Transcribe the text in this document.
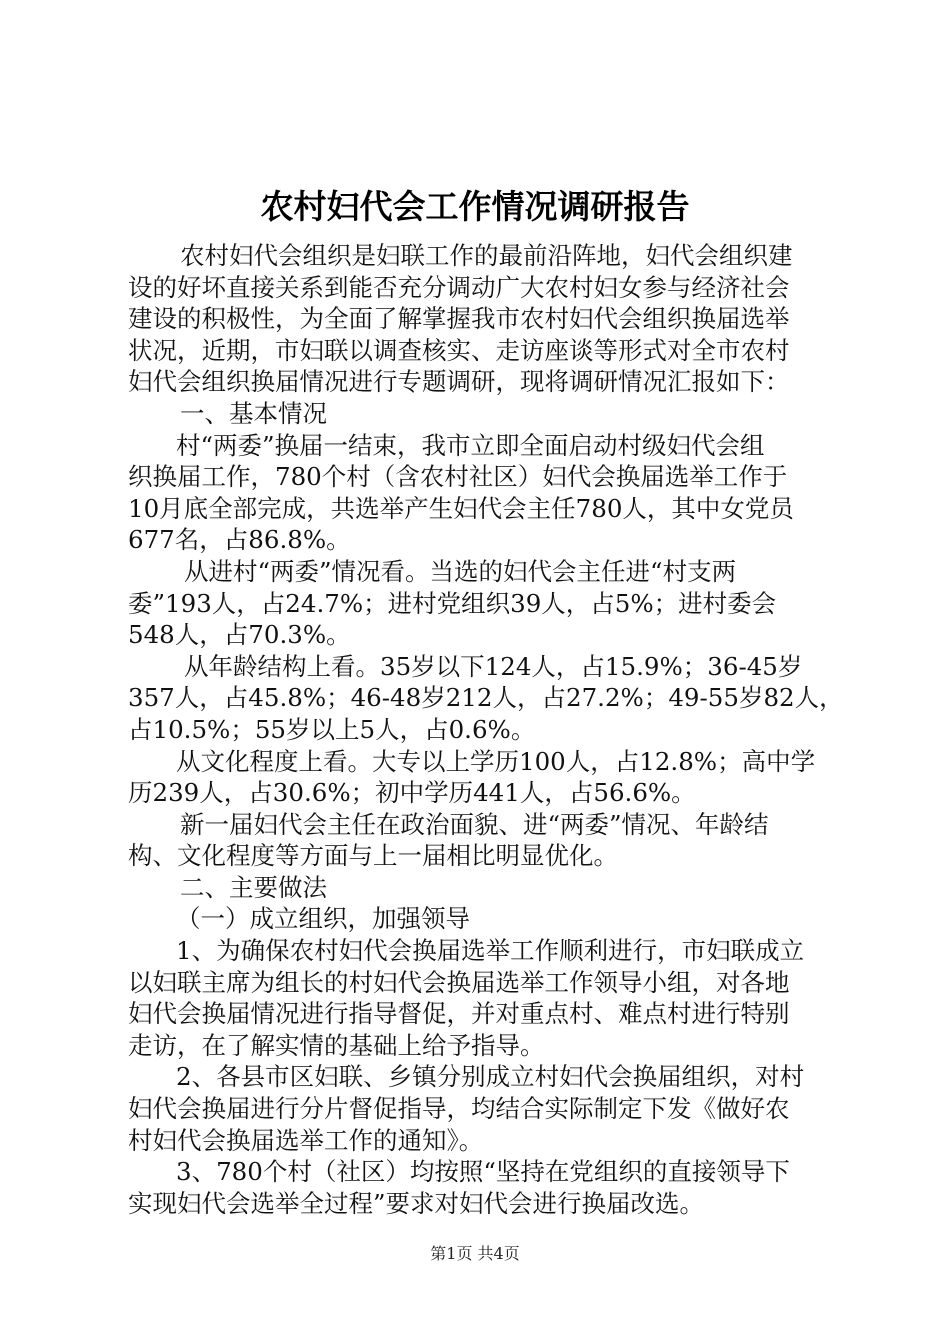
农村妇代会工作情况调研报告
农村妇代会组织是妇联工作的最前沿阵地，妇代会组织建
设的好坏直接关系到能否充分调动广大农村妇女参与经济社会
建设的积极性，为全面了解掌握我市农村妇代会组织换届选举
状况，近期，市妇联以调查核实、走访座谈等形式对全市农村
妇代会组织换届情况进行专题调研，现将调研情况汇报如下：
一、基本情况
村“两委”换届一结束，我市立即全面启动村级妇代会组
织换届工作，780个村（含农村社区）妇代会换届选举工作于
10月底全部完成，共选举产生妇代会主任780人，其中女党员
677名，占86.8%。
从进村“两委”情况看。当选的妇代会主任进“村支两
委”193人，占24.7%；进村党组织39人，占5%；进村委会
548人，占70.3%。
从年龄结构上看。35岁以下124人，占15.9%；36-45岁
357人，占45.8%；46-48岁212人，占27.2%；49-55岁82人，
占10.5%；55岁以上5人，占0.6%。
从文化程度上看。大专以上学历100人，占12.8%；高中学
历239人，占30.6%；初中学历441人，占56.6%。
新一届妇代会主任在政治面貌、进“两委”情况、年龄结
构、文化程度等方面与上一届相比明显优化。
二、主要做法
（一）成立组织，加强领导
1、为确保农村妇代会换届选举工作顺利进行，市妇联成立
以妇联主席为组长的村妇代会换届选举工作领导小组，对各地
妇代会换届情况进行指导督促，并对重点村、难点村进行特别
走访，在了解实情的基础上给予指导。
2、各县市区妇联、乡镇分别成立村妇代会换届组织，对村
妇代会换届进行分片督促指导，均结合实际制定下发《做好农
村妇代会换届选举工作的通知》。
3、780个村（社区）均按照“坚持在党组织的直接领导下
实现妇代会选举全过程”要求对妇代会进行换届改选。
第1页 共4页
